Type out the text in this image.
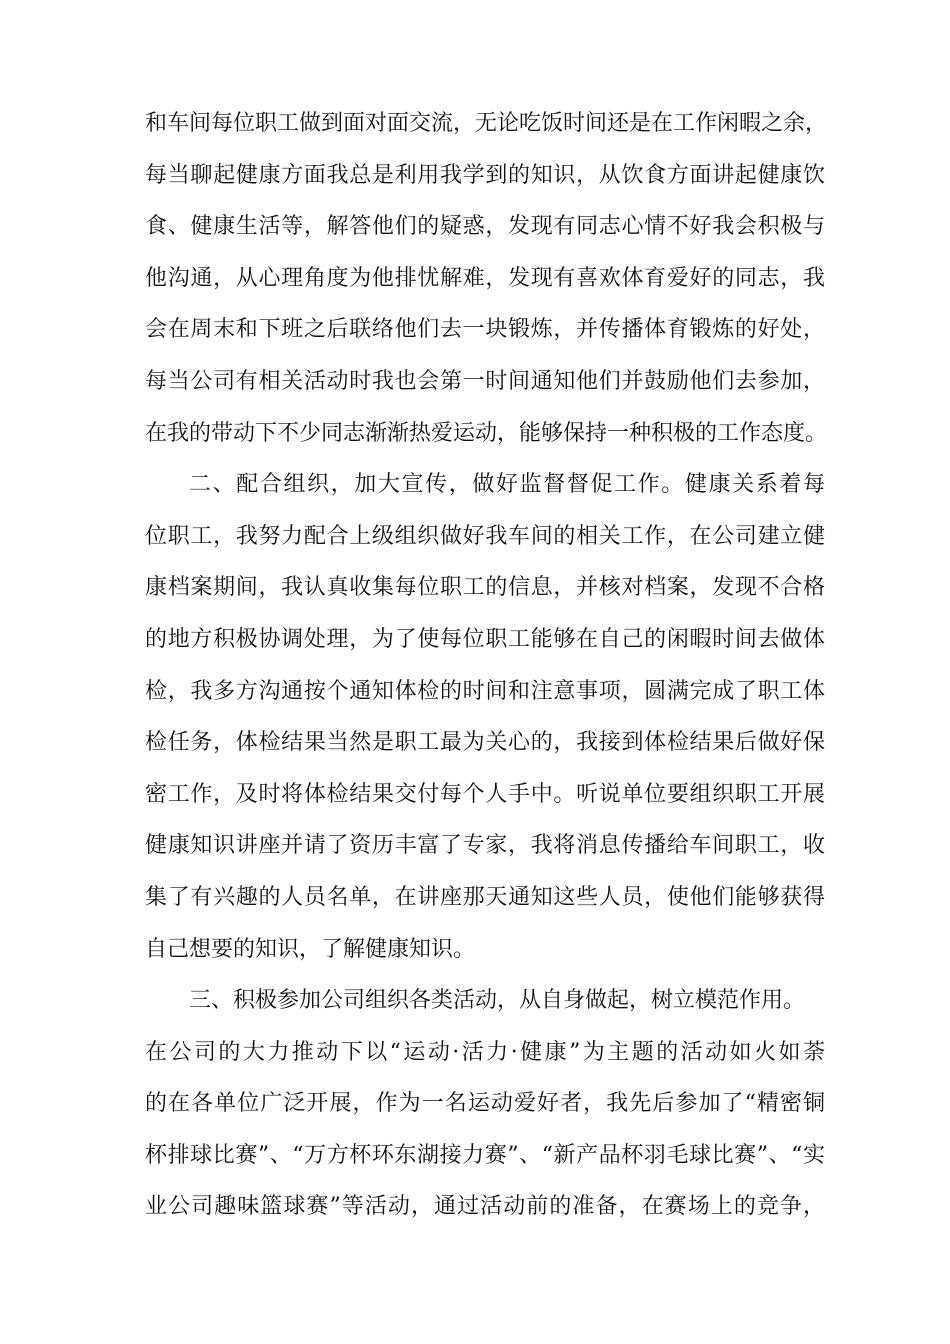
和车间每位职工做到面对面交流，无论吃饭时间还是在工作闲暇之余，
每当聊起健康方面我总是利用我学到的知识，从饮食方面讲起健康饮
食、健康生活等，解答他们的疑惑，发现有同志心情不好我会积极与
他沟通，从心理角度为他排忧解难，发现有喜欢体育爱好的同志，我
会在周末和下班之后联络他们去一块锻炼，并传播体育锻炼的好处，
每当公司有相关活动时我也会第一时间通知他们并鼓励他们去参加，
在我的带动下不少同志渐渐热爱运动，能够保持一种积极的工作态度。
二、配合组织，加大宣传，做好监督督促工作。健康关系着每
位职工，我努力配合上级组织做好我车间的相关工作，在公司建立健
康档案期间，我认真收集每位职工的信息，并核对档案，发现不合格
的地方积极协调处理，为了使每位职工能够在自己的闲暇时间去做体
检，我多方沟通按个通知体检的时间和注意事项，圆满完成了职工体
检任务，体检结果当然是职工最为关心的，我接到体检结果后做好保
密工作，及时将体检结果交付每个人手中。听说单位要组织职工开展
健康知识讲座并请了资历丰富了专家，我将消息传播给车间职工，收
集了有兴趣的人员名单，在讲座那天通知这些人员，使他们能够获得
自己想要的知识，了解健康知识。
三、积极参加公司组织各类活动，从自身做起，树立模范作用。
在公司的大力推动下以“运动·活力·健康”为主题的活动如火如荼
的在各单位广泛开展，作为一名运动爱好者，我先后参加了“精密铜
杯排球比赛”、“万方杯环东湖接力赛”、“新产品杯羽毛球比赛”、“实
业公司趣味篮球赛”等活动，通过活动前的准备，在赛场上的竞争，
